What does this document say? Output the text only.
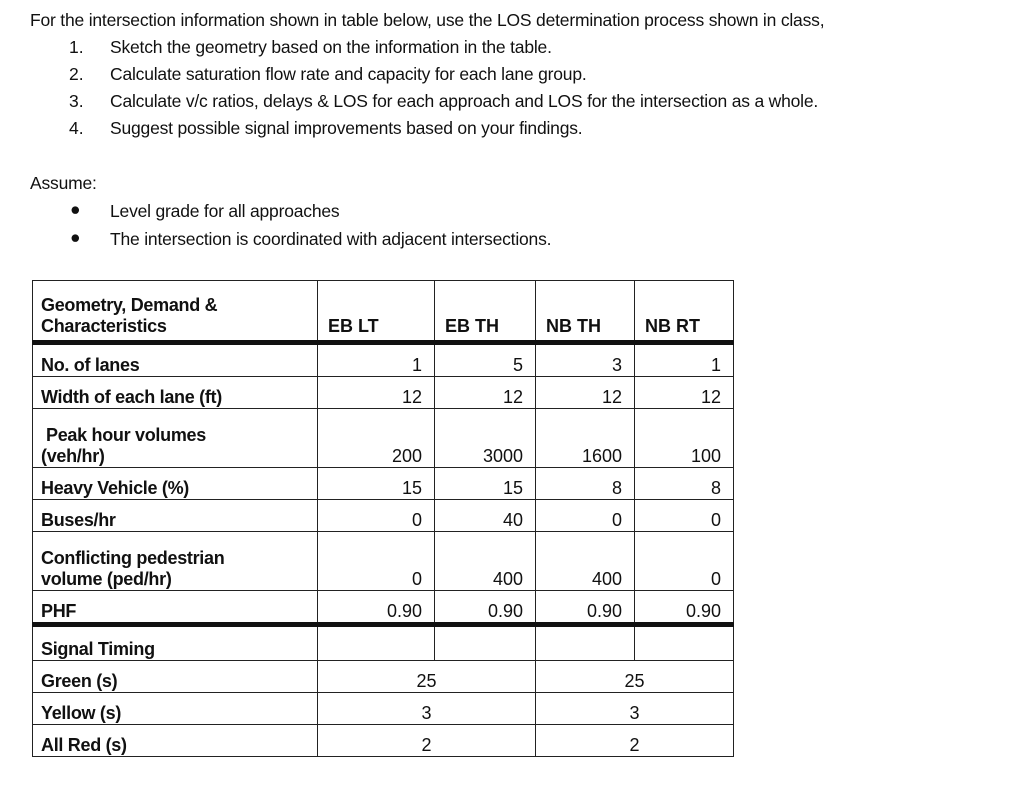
For the intersection information shown in table below, use the LOS determination process shown in class,
1. Sketch the geometry based on the information in the table.
2. Calculate saturation flow rate and capacity for each lane group.
3. Calculate v/c ratios, delays & LOS for each approach and LOS for the intersection as a whole.
4. Suggest possible signal improvements based on your findings.
Assume:
● Level grade for all approaches
● The intersection is coordinated with adjacent intersections.
Geometry, Demand &
Characteristics	EB LT	EB TH	NB TH	NB RT
No. of lanes	1	5	3	1
Width of each lane (ft)	12	12	12	12
Peak hour volumes
(veh/hr)	200	3000	1600	100
Heavy Vehicle (%)	15	15	8	8
Buses/hr	0	40	0	0
Conflicting pedestrian
volume (ped/hr)	0	400	400	0
PHF	0.90	0.90	0.90	0.90
Signal Timing				
Green (s)	25		25	
Yellow (s)	3		3	
All Red (s)	2		2	
